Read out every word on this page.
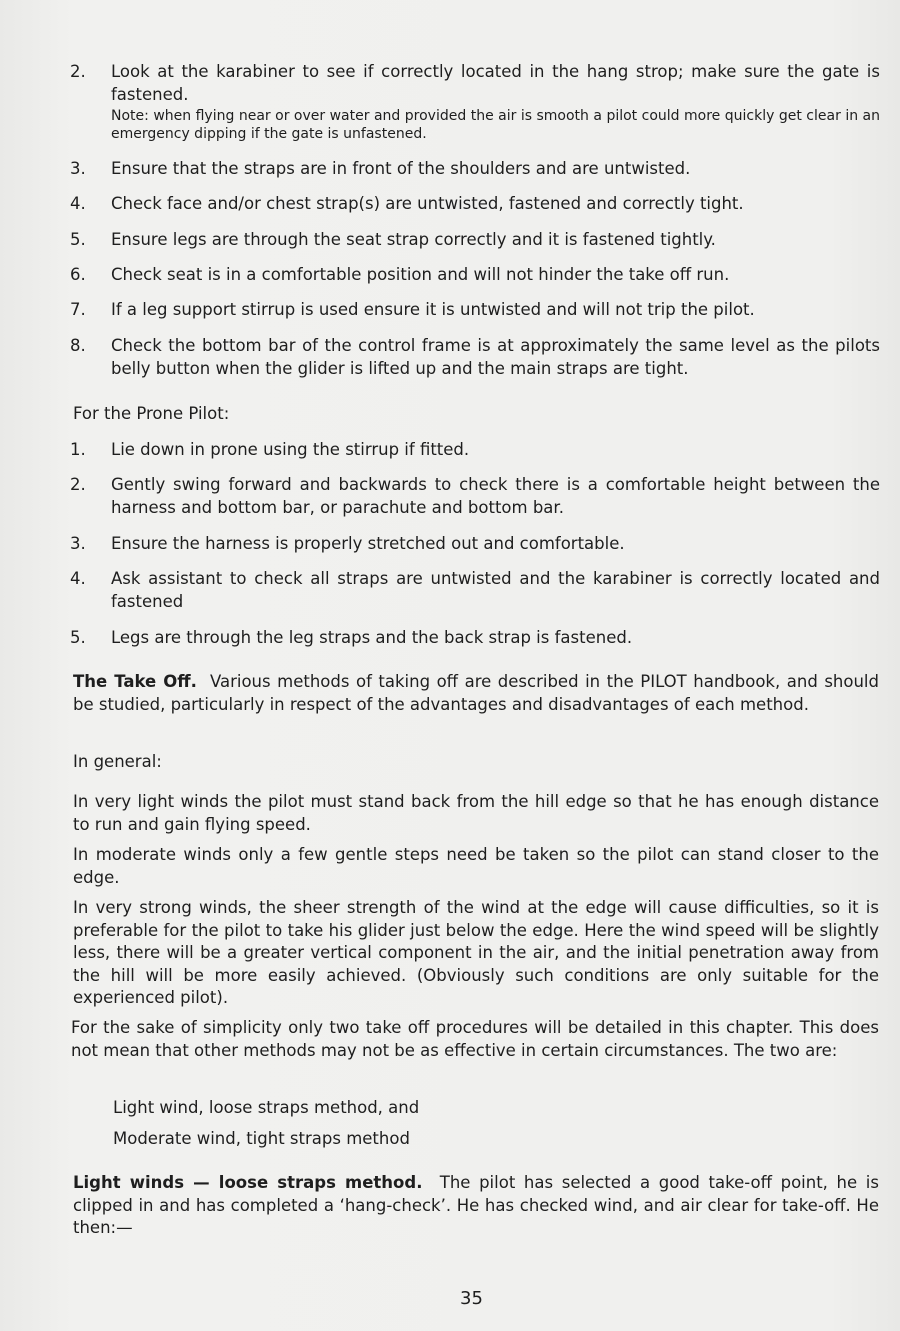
2.	Look at the karabiner to see if correctly located in the hang strop; make sure the gate is fastened.
Note: when flying near or over water and provided the air is smooth a pilot could more quickly get clear in an emergency dipping if the gate is unfastened.
3.	Ensure that the straps are in front of the shoulders and are untwisted.
4.	Check face and/or chest strap(s) are untwisted, fastened and correctly tight.
5.	Ensure legs are through the seat strap correctly and it is fastened tightly.
6.	Check seat is in a comfortable position and will not hinder the take off run.
7.	If a leg support stirrup is used ensure it is untwisted and will not trip the pilot.
8.	Check the bottom bar of the control frame is at approximately the same level as the pilots belly button when the glider is lifted up and the main straps are tight.
For the Prone Pilot:
1.	Lie down in prone using the stirrup if fitted.
2.	Gently swing forward and backwards to check there is a comfortable height between the harness and bottom bar, or parachute and bottom bar.
3.	Ensure the harness is properly stretched out and comfortable.
4.	Ask assistant to check all straps are untwisted and the karabiner is correctly located and fastened
5.	Legs are through the leg straps and the back strap is fastened.
The Take Off. Various methods of taking off are described in the PILOT handbook, and should be studied, particularly in respect of the advantages and disadvantages of each method.
In general:
In very light winds the pilot must stand back from the hill edge so that he has enough distance to run and gain flying speed.
In moderate winds only a few gentle steps need be taken so the pilot can stand closer to the edge.
In very strong winds, the sheer strength of the wind at the edge will cause difficulties, so it is preferable for the pilot to take his glider just below the edge. Here the wind speed will be slightly less, there will be a greater vertical component in the air, and the initial penetration away from the hill will be more easily achieved. (Obviously such conditions are only suitable for the experienced pilot).
For the sake of simplicity only two take off procedures will be detailed in this chapter. This does not mean that other methods may not be as effective in certain circumstances. The two are:
Light wind, loose straps method, and
Moderate wind, tight straps method
Light winds — loose straps method. The pilot has selected a good take-off point, he is clipped in and has completed a ‘hang-check’. He has checked wind, and air clear for take-off. He then:—
35
